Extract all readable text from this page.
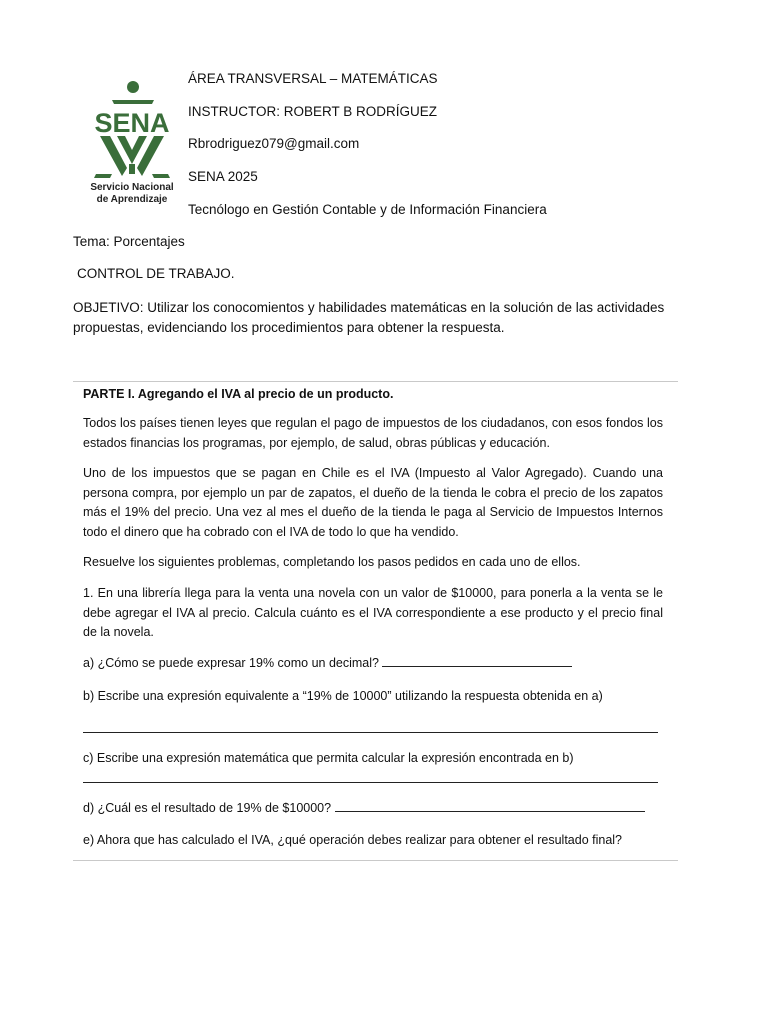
SENA
Servicio Nacional
de Aprendizaje
ÁREA TRANSVERSAL – MATEMÁTICAS
INSTRUCTOR: ROBERT B RODRÍGUEZ
Rbrodriguez079@gmail.com
SENA 2025
Tecnólogo en Gestión Contable y de Información Financiera
Tema: Porcentajes
CONTROL DE TRABAJO.
OBJETIVO: Utilizar los conocomientos y habilidades matemáticas en la solución de las actividades propuestas, evidenciando los procedimientos para obtener la respuesta.

PARTE I. Agregando el IVA al precio de un producto.

Todos los países tienen leyes que regulan el pago de impuestos de los ciudadanos, con esos fondos los estados financias los programas, por ejemplo, de salud, obras públicas y educación.

Uno de los impuestos que se pagan en Chile es el IVA (Impuesto al Valor Agregado). Cuando una persona compra, por ejemplo un par de zapatos, el dueño de la tienda le cobra el precio de los zapatos más el 19% del precio. Una vez al mes el dueño de la tienda le paga al Servicio de Impuestos Internos todo el dinero que ha cobrado con el IVA de todo lo que ha vendido.

Resuelve los siguientes problemas, completando los pasos pedidos en cada uno de ellos.

1. En una librería llega para la venta una novela con un valor de $10000, para ponerla a la venta se le debe agregar el IVA al precio. Calcula cuánto es el IVA correspondiente a ese producto y el precio final de la novela.

a) ¿Cómo se puede expresar 19% como un decimal?

b) Escribe una expresión equivalente a “19% de 10000” utilizando la respuesta obtenida en a)

c) Escribe una expresión matemática que permita calcular la expresión encontrada en b)

d) ¿Cuál es el resultado de 19% de $10000?

e) Ahora que has calculado el IVA, ¿qué operación debes realizar para obtener el resultado final?
